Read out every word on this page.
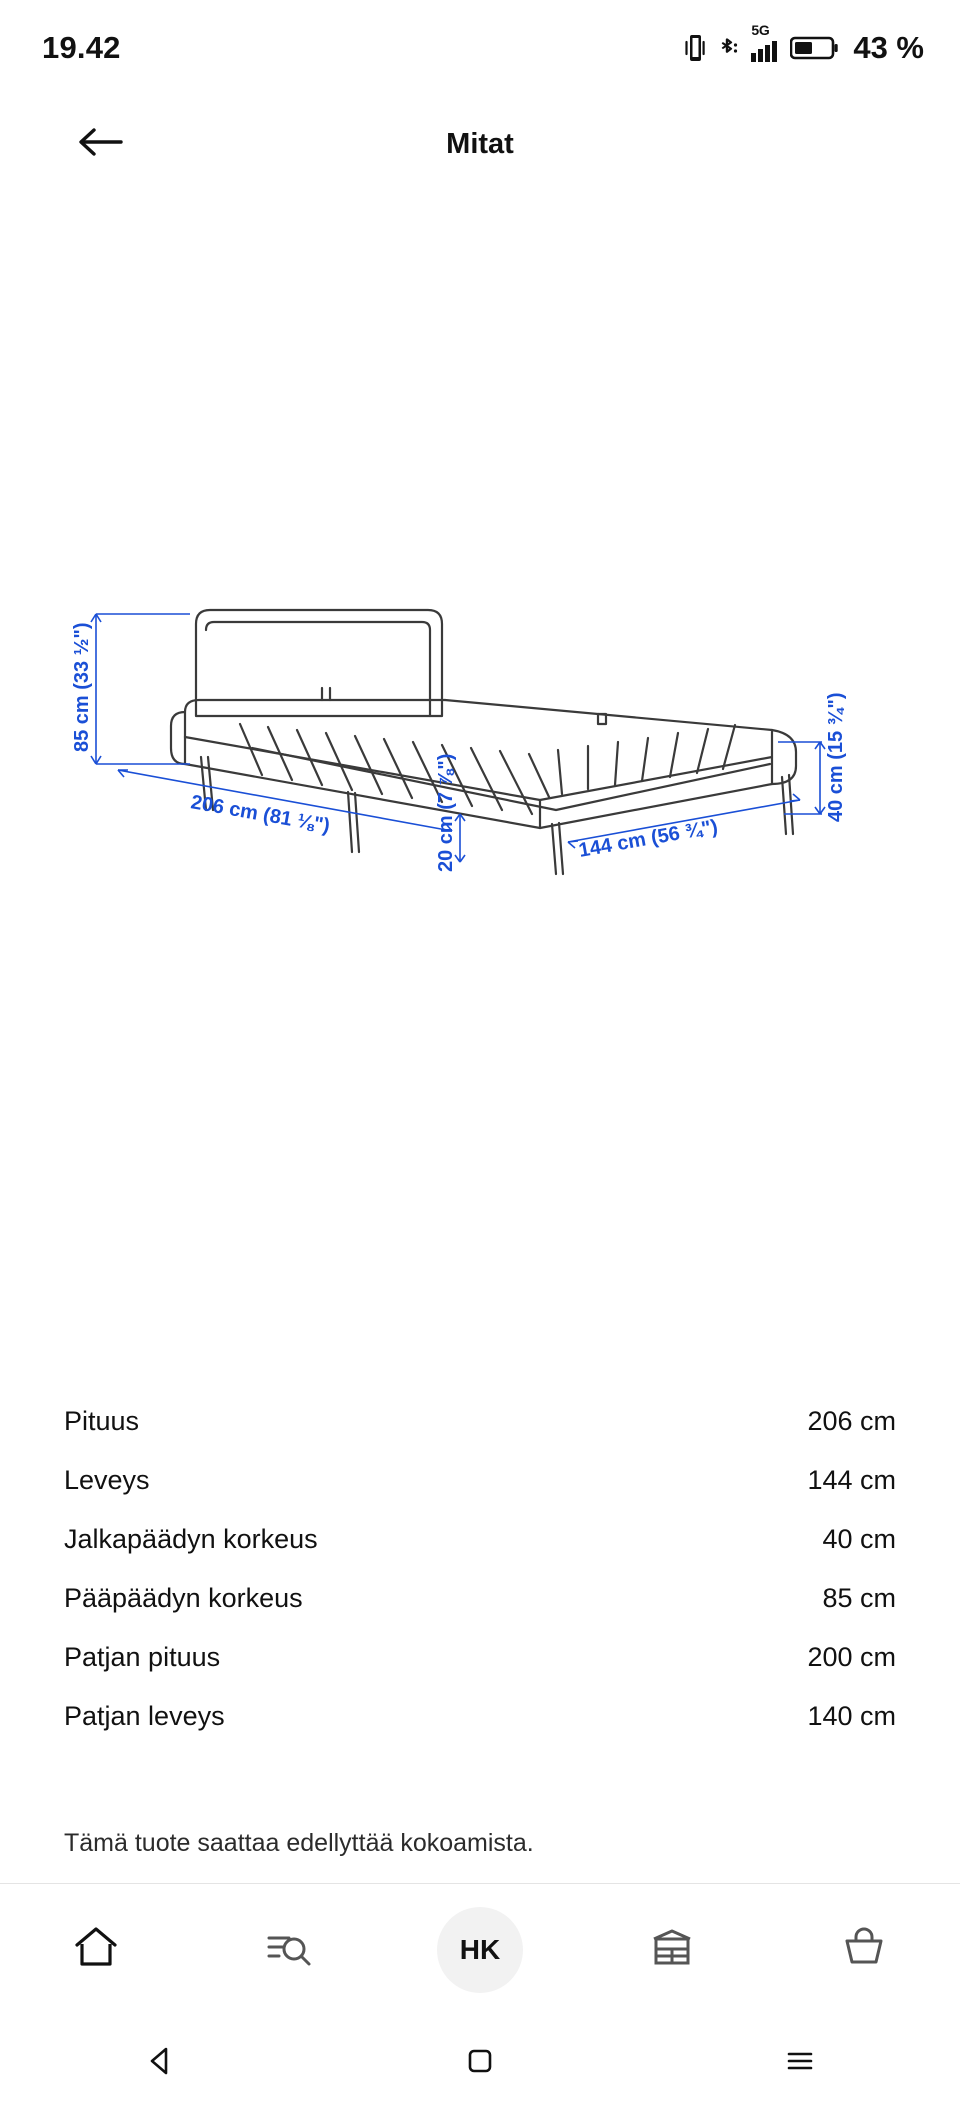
19.42	5G	43 %
Mitat
85 cm (33 ½")
206 cm (81 ⅛")	20 cm (7 ⅞")	144 cm (56 ¾")
40 cm (15 ¾")
Pituus	206 cm
Leveys	144 cm
Jalkapäädyn korkeus	40 cm
Pääpäädyn korkeus	85 cm
Patjan pituus	200 cm
Patjan leveys	140 cm
Tämä tuote saattaa edellyttää kokoamista.
HK
